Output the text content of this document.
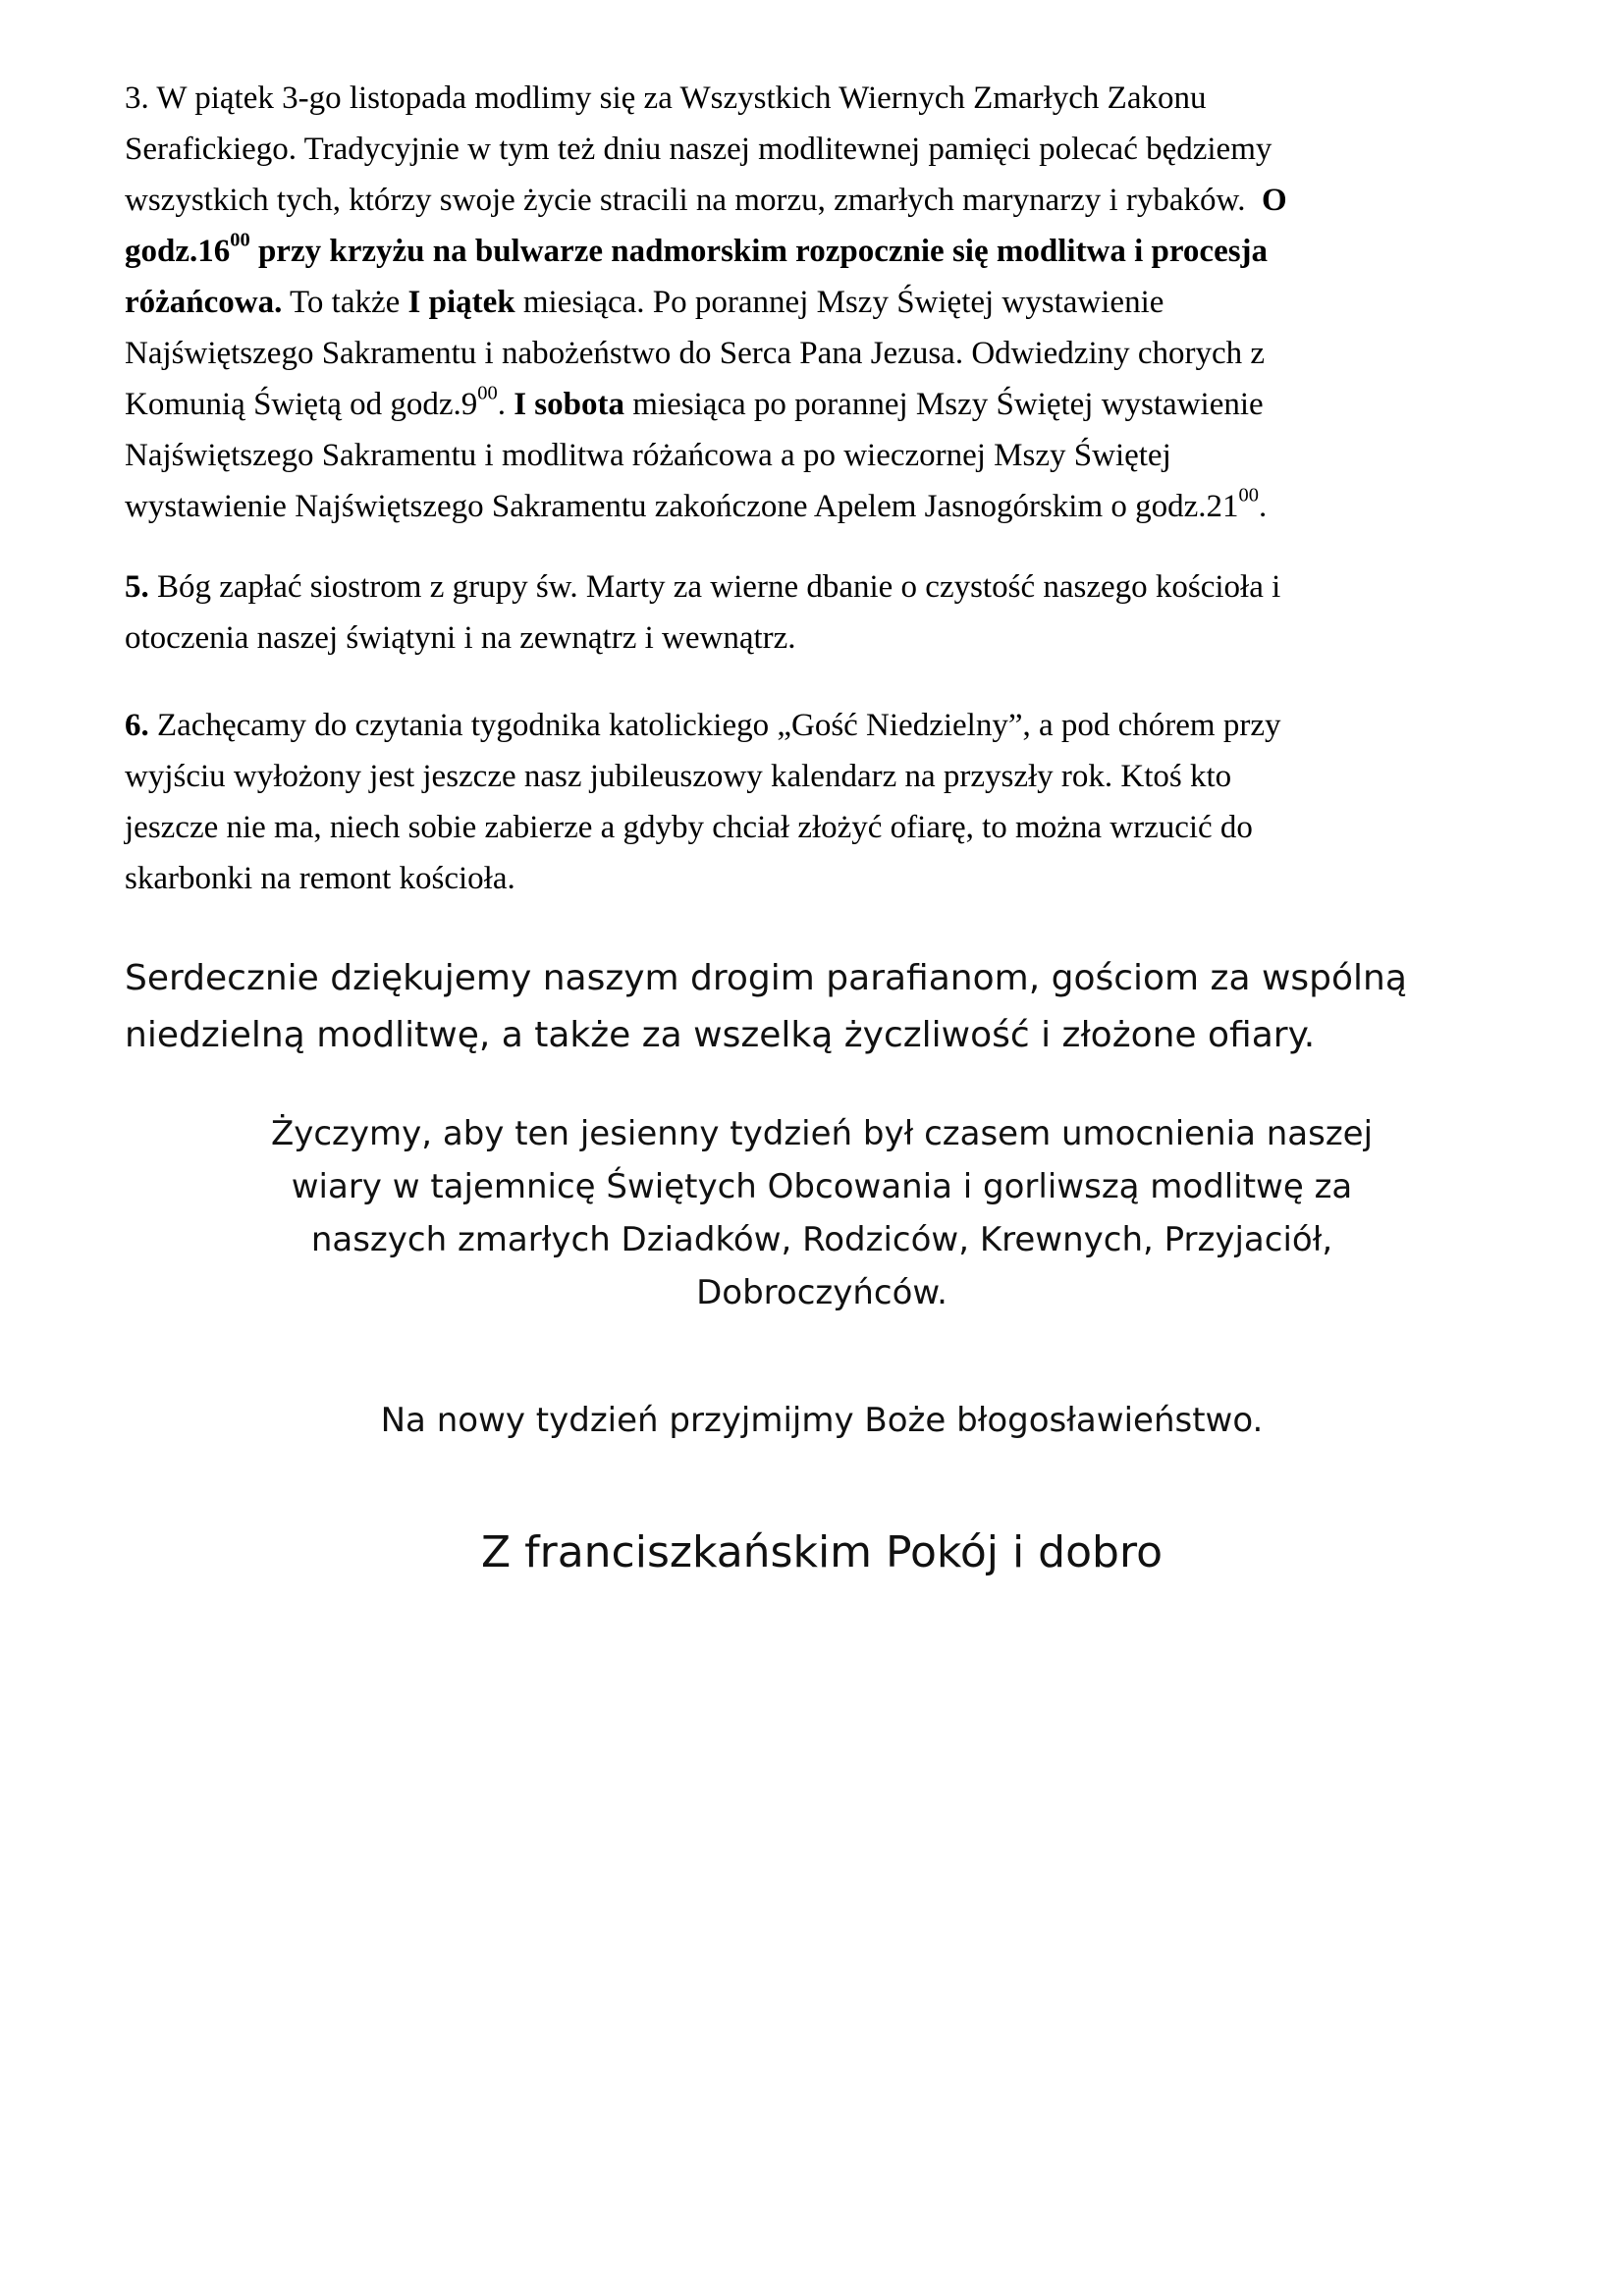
3. W piątek 3-go listopada modlimy się za Wszystkich Wiernych Zmarłych Zakonu
Serafickiego. Tradycyjnie w tym też dniu naszej modlitewnej pamięci polecać będziemy
wszystkich tych, którzy swoje życie stracili na morzu, zmarłych marynarzy i rybaków. O
$godz.16^{00}$ przy krzyżu na bulwarze nadmorskim rozpocznie się modlitwa i procesja
różańcowa. To także I piątek miesiąca. Po porannej Mszy Świętej wystawienie
Najświętszego Sakramentu i nabożeństwo do Serca Pana Jezusa. Odwiedziny chorych z
Komunią Świętą od $godz.9^{00}$. I sobota miesiąca po porannej Mszy Świętej wystawienie
Najświętszego Sakramentu i modlitwa różańcowa a po wieczornej Mszy Świętej
wystawienie Najświętszego Sakramentu zakończone Apelem Jasnogórskim o $godz.21^{00}$.
5. Bóg zapłać siostrom z grupy św. Marty za wierne dbanie o czystość naszego kościoła i
otoczenia naszej świątyni i na zewnątrz i wewnątrz.
6. Zachęcamy do czytania tygodnika katolickiego „Gość Niedzielny”, a pod chórem przy
wyjściu wyłożony jest jeszcze nasz jubileuszowy kalendarz na przyszły rok. Ktoś kto
jeszcze nie ma, niech sobie zabierze a gdyby chciał złożyć ofiarę, to można wrzucić do
skarbonki na remont kościoła.
Serdecznie dziękujemy naszym drogim parafianom, gościom za wspólną
niedzielną modlitwę, a także za wszelką życzliwość i złożone ofiary.
Życzymy, aby ten jesienny tydzień był czasem umocnienia naszej
wiary w tajemnicę Świętych Obcowania i gorliwszą modlitwę za
naszych zmarłych Dziadków, Rodziców, Krewnych, Przyjaciół,
Dobroczyńców.
Na nowy tydzień przyjmijmy Boże błogosławieństwo.
Z franciszkańskim Pokój i dobro
